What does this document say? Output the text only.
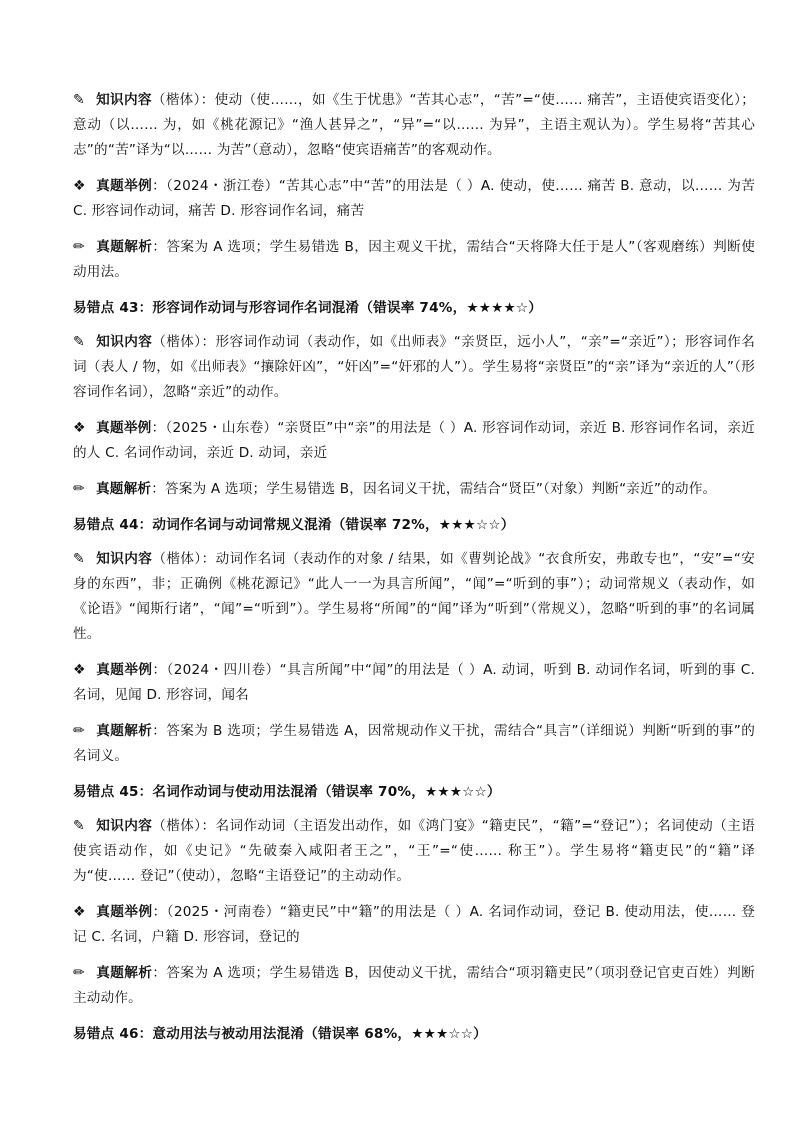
✎ 知识内容（楷体）：使动（使……，如《生于忧患》“苦其心志”，“苦”=“使…… 痛苦”，主语使宾语变化）；意动（以…… 为，如《桃花源记》“渔人甚异之”，“异”=“以…… 为异”，主语主观认为）。学生易将“苦其心志”的“苦”译为“以…… 为苦”（意动），忽略“使宾语痛苦”的客观动作。

❖ 真题举例：（2024・浙江卷）“苦其心志”中“苦”的用法是（ ）A. 使动，使…… 痛苦 B. 意动，以…… 为苦 C. 形容词作动词，痛苦 D. 形容词作名词，痛苦

✏ 真题解析：答案为 A 选项；学生易错选 B，因主观义干扰，需结合“天将降大任于是人”（客观磨练）判断使动用法。

易错点 43：形容词作动词与形容词作名词混淆（错误率 74%，★★★★☆）

✎ 知识内容（楷体）：形容词作动词（表动作，如《出师表》“亲贤臣，远小人”，“亲”=“亲近”）；形容词作名词（表人 / 物，如《出师表》“攘除奸凶”，“奸凶”=“奸邪的人”）。学生易将“亲贤臣”的“亲”译为“亲近的人”（形容词作名词），忽略“亲近”的动作。

❖ 真题举例：（2025・山东卷）“亲贤臣”中“亲”的用法是（ ）A. 形容词作动词，亲近 B. 形容词作名词，亲近的人 C. 名词作动词，亲近 D. 动词，亲近

✏ 真题解析：答案为 A 选项；学生易错选 B，因名词义干扰，需结合“贤臣”（对象）判断“亲近”的动作。

易错点 44：动词作名词与动词常规义混淆（错误率 72%，★★★☆☆）

✎ 知识内容（楷体）：动词作名词（表动作的对象 / 结果，如《曹刿论战》“衣食所安，弗敢专也”，“安”=“安身的东西”，非；正确例《桃花源记》“此人一一为具言所闻”，“闻”=“听到的事”）；动词常规义（表动作，如《论语》“闻斯行诸”，“闻”=“听到”）。学生易将“所闻”的“闻”译为“听到”（常规义），忽略“听到的事”的名词属性。

❖ 真题举例：（2024・四川卷）“具言所闻”中“闻”的用法是（ ）A. 动词，听到 B. 动词作名词，听到的事 C. 名词，见闻 D. 形容词，闻名

✏ 真题解析：答案为 B 选项；学生易错选 A，因常规动作义干扰，需结合“具言”（详细说）判断“听到的事”的名词义。

易错点 45：名词作动词与使动用法混淆（错误率 70%，★★★☆☆）

✎ 知识内容（楷体）：名词作动词（主语发出动作，如《鸿门宴》“籍吏民”，“籍”=“登记”）；名词使动（主语使宾语动作，如《史记》“先破秦入咸阳者王之”，“王”=“使…… 称王”）。学生易将“籍吏民”的“籍”译为“使…… 登记”（使动），忽略“主语登记”的主动动作。

❖ 真题举例：（2025・河南卷）“籍吏民”中“籍”的用法是（ ）A. 名词作动词，登记 B. 使动用法，使…… 登记 C. 名词，户籍 D. 形容词，登记的

✏ 真题解析：答案为 A 选项；学生易错选 B，因使动义干扰，需结合“项羽籍吏民”（项羽登记官吏百姓）判断主动动作。

易错点 46：意动用法与被动用法混淆（错误率 68%，★★★☆☆）
